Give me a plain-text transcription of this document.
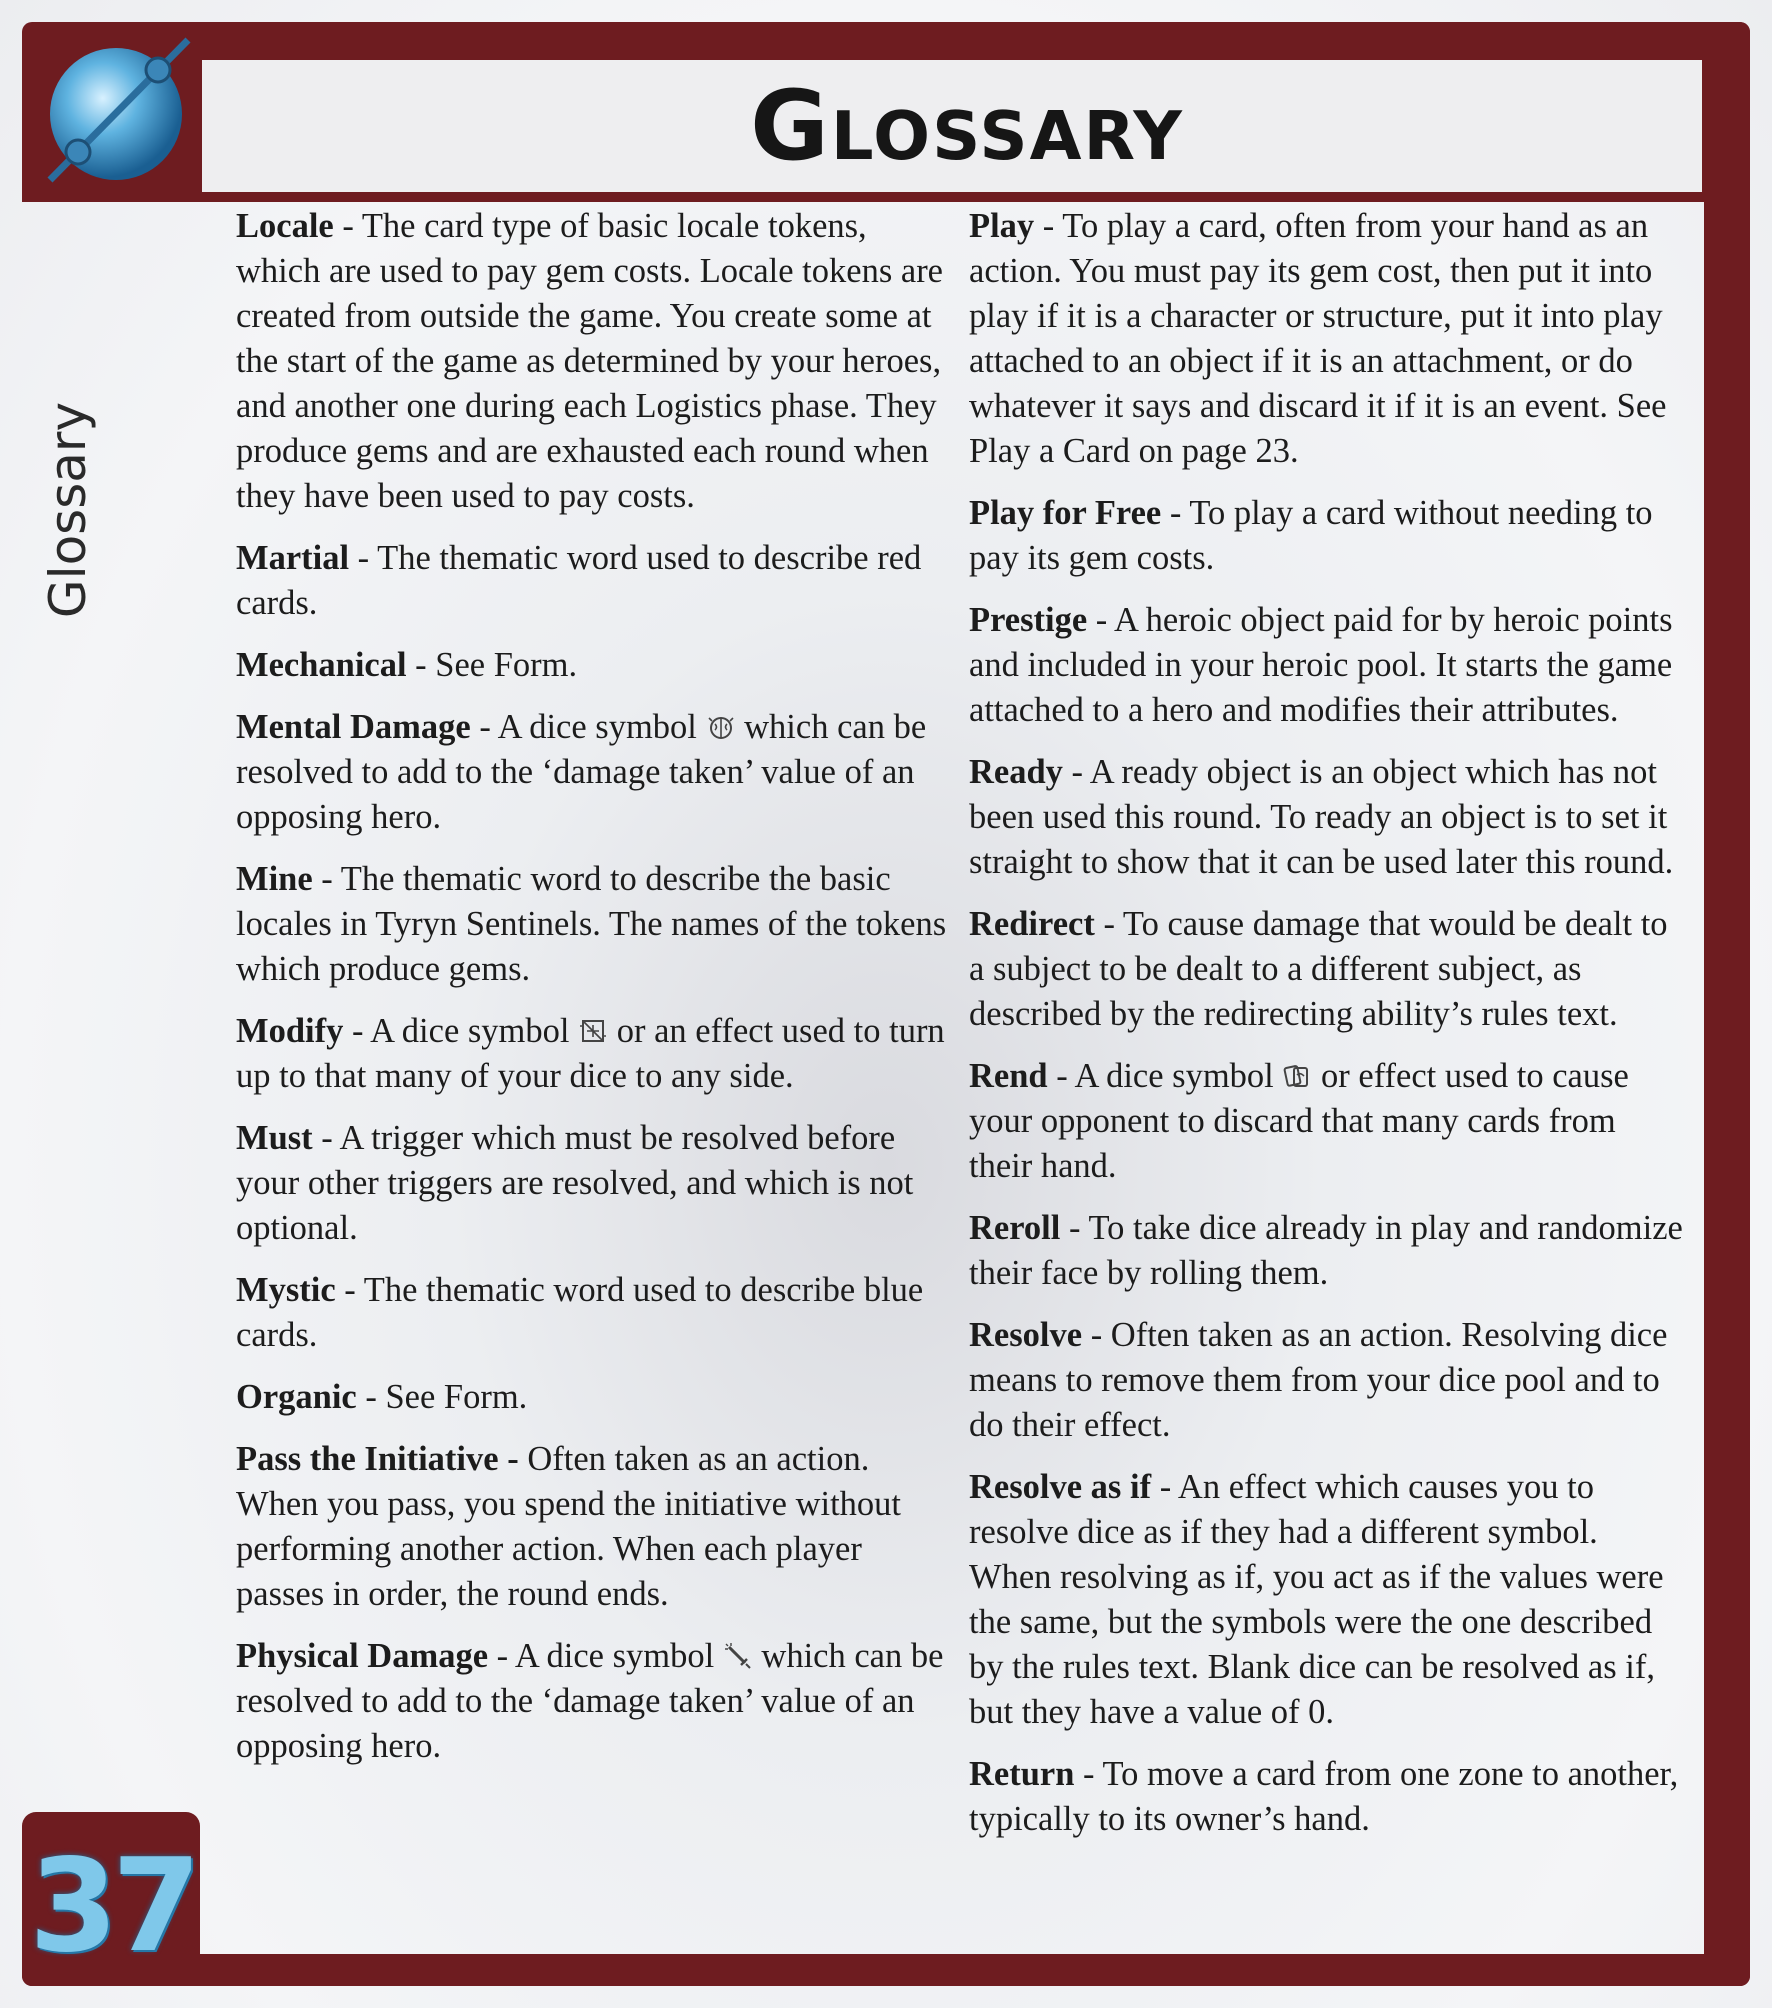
Glossary
Glossary
37

Locale - The card type of basic locale tokens, which are used to pay gem costs. Locale tokens are created from outside the game. You create some at the start of the game as determined by your heroes, and another one during each Logistics phase. They produce gems and are exhausted each round when they have been used to pay costs.

Martial - The thematic word used to describe red cards.

Mechanical - See Form.

Mental Damage - A dice symbol  which can be resolved to add to the ‘damage taken’ value of an opposing hero.

Mine - The thematic word to describe the basic locales in Tyryn Sentinels. The names of the tokens which produce gems.

Modify - A dice symbol  or an effect used to turn up to that many of your dice to any side.

Must - A trigger which must be resolved before your other triggers are resolved, and which is not optional.

Mystic - The thematic word used to describe blue cards.

Organic - See Form.

Pass the Initiative - Often taken as an action. When you pass, you spend the initiative without performing another action. When each player passes in order, the round ends.

Physical Damage - A dice symbol  which can be resolved to add to the ‘damage taken’ value of an opposing hero.

Play - To play a card, often from your hand as an action. You must pay its gem cost, then put it into play if it is a character or structure, put it into play attached to an object if it is an attachment, or do whatever it says and discard it if it is an event. See Play a Card on page 23.

Play for Free - To play a card without needing to pay its gem costs.

Prestige - A heroic object paid for by heroic points and included in your heroic pool. It starts the game attached to a hero and modifies their attributes.

Ready - A ready object is an object which has not been used this round. To ready an object is to set it straight to show that it can be used later this round.

Redirect - To cause damage that would be dealt to a subject to be dealt to a different subject, as described by the redirecting ability’s rules text.

Rend - A dice symbol  or effect used to cause your opponent to discard that many cards from their hand.

Reroll - To take dice already in play and randomize their face by rolling them.

Resolve - Often taken as an action. Resolving dice means to remove them from your dice pool and to do their effect.

Resolve as if - An effect which causes you to resolve dice as if they had a different symbol. When resolving as if, you act as if the values were the same, but the symbols were the one described by the rules text. Blank dice can be resolved as if, but they have a value of 0.

Return - To move a card from one zone to another, typically to its owner’s hand.
